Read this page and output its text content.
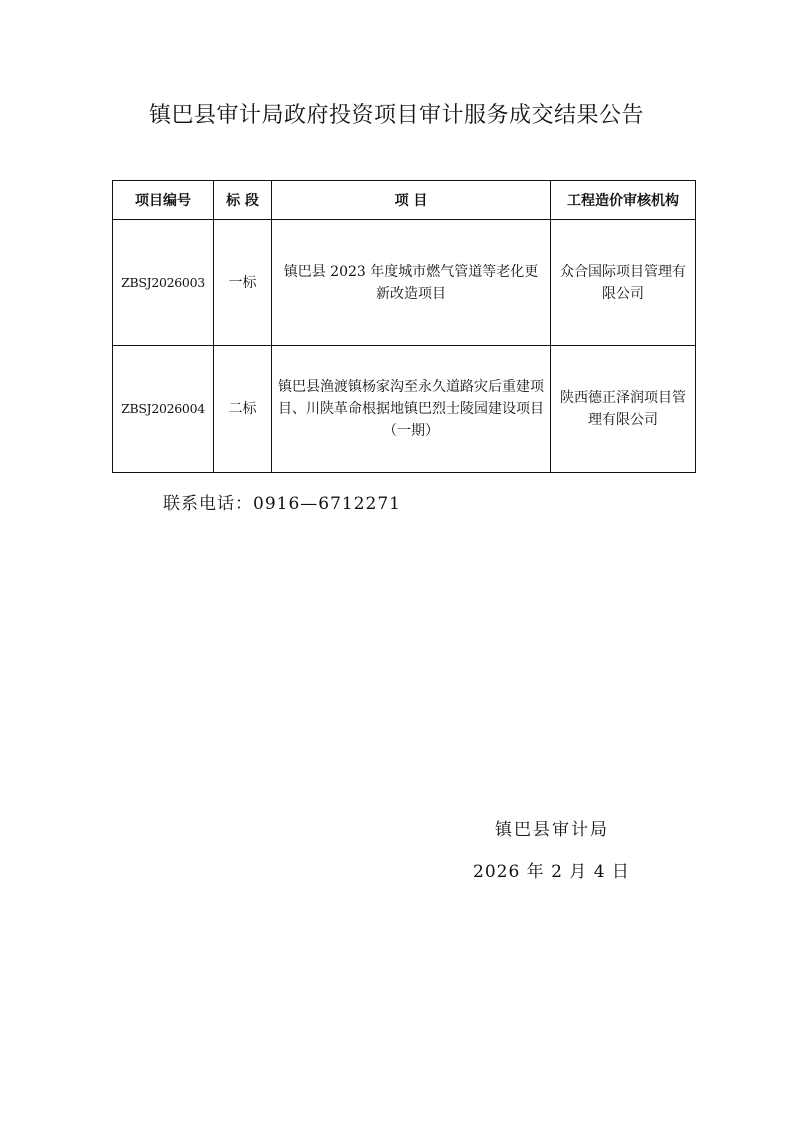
镇巴县审计局政府投资项目审计服务成交结果公告
项目编号	标 段	项 目	工程造价审核机构
ZBSJ2026003	一标	镇巴县 2023 年度城市燃气管道等老化更新改造项目	众合国际项目管理有限公司
ZBSJ2026004	二标	镇巴县渔渡镇杨家沟至永久道路灾后重建项目、川陕革命根据地镇巴烈士陵园建设项目（一期）	陕西德正泽润项目管理有限公司
联系电话：0916—6712271
镇巴县审计局
2026 年 2 月 4 日
